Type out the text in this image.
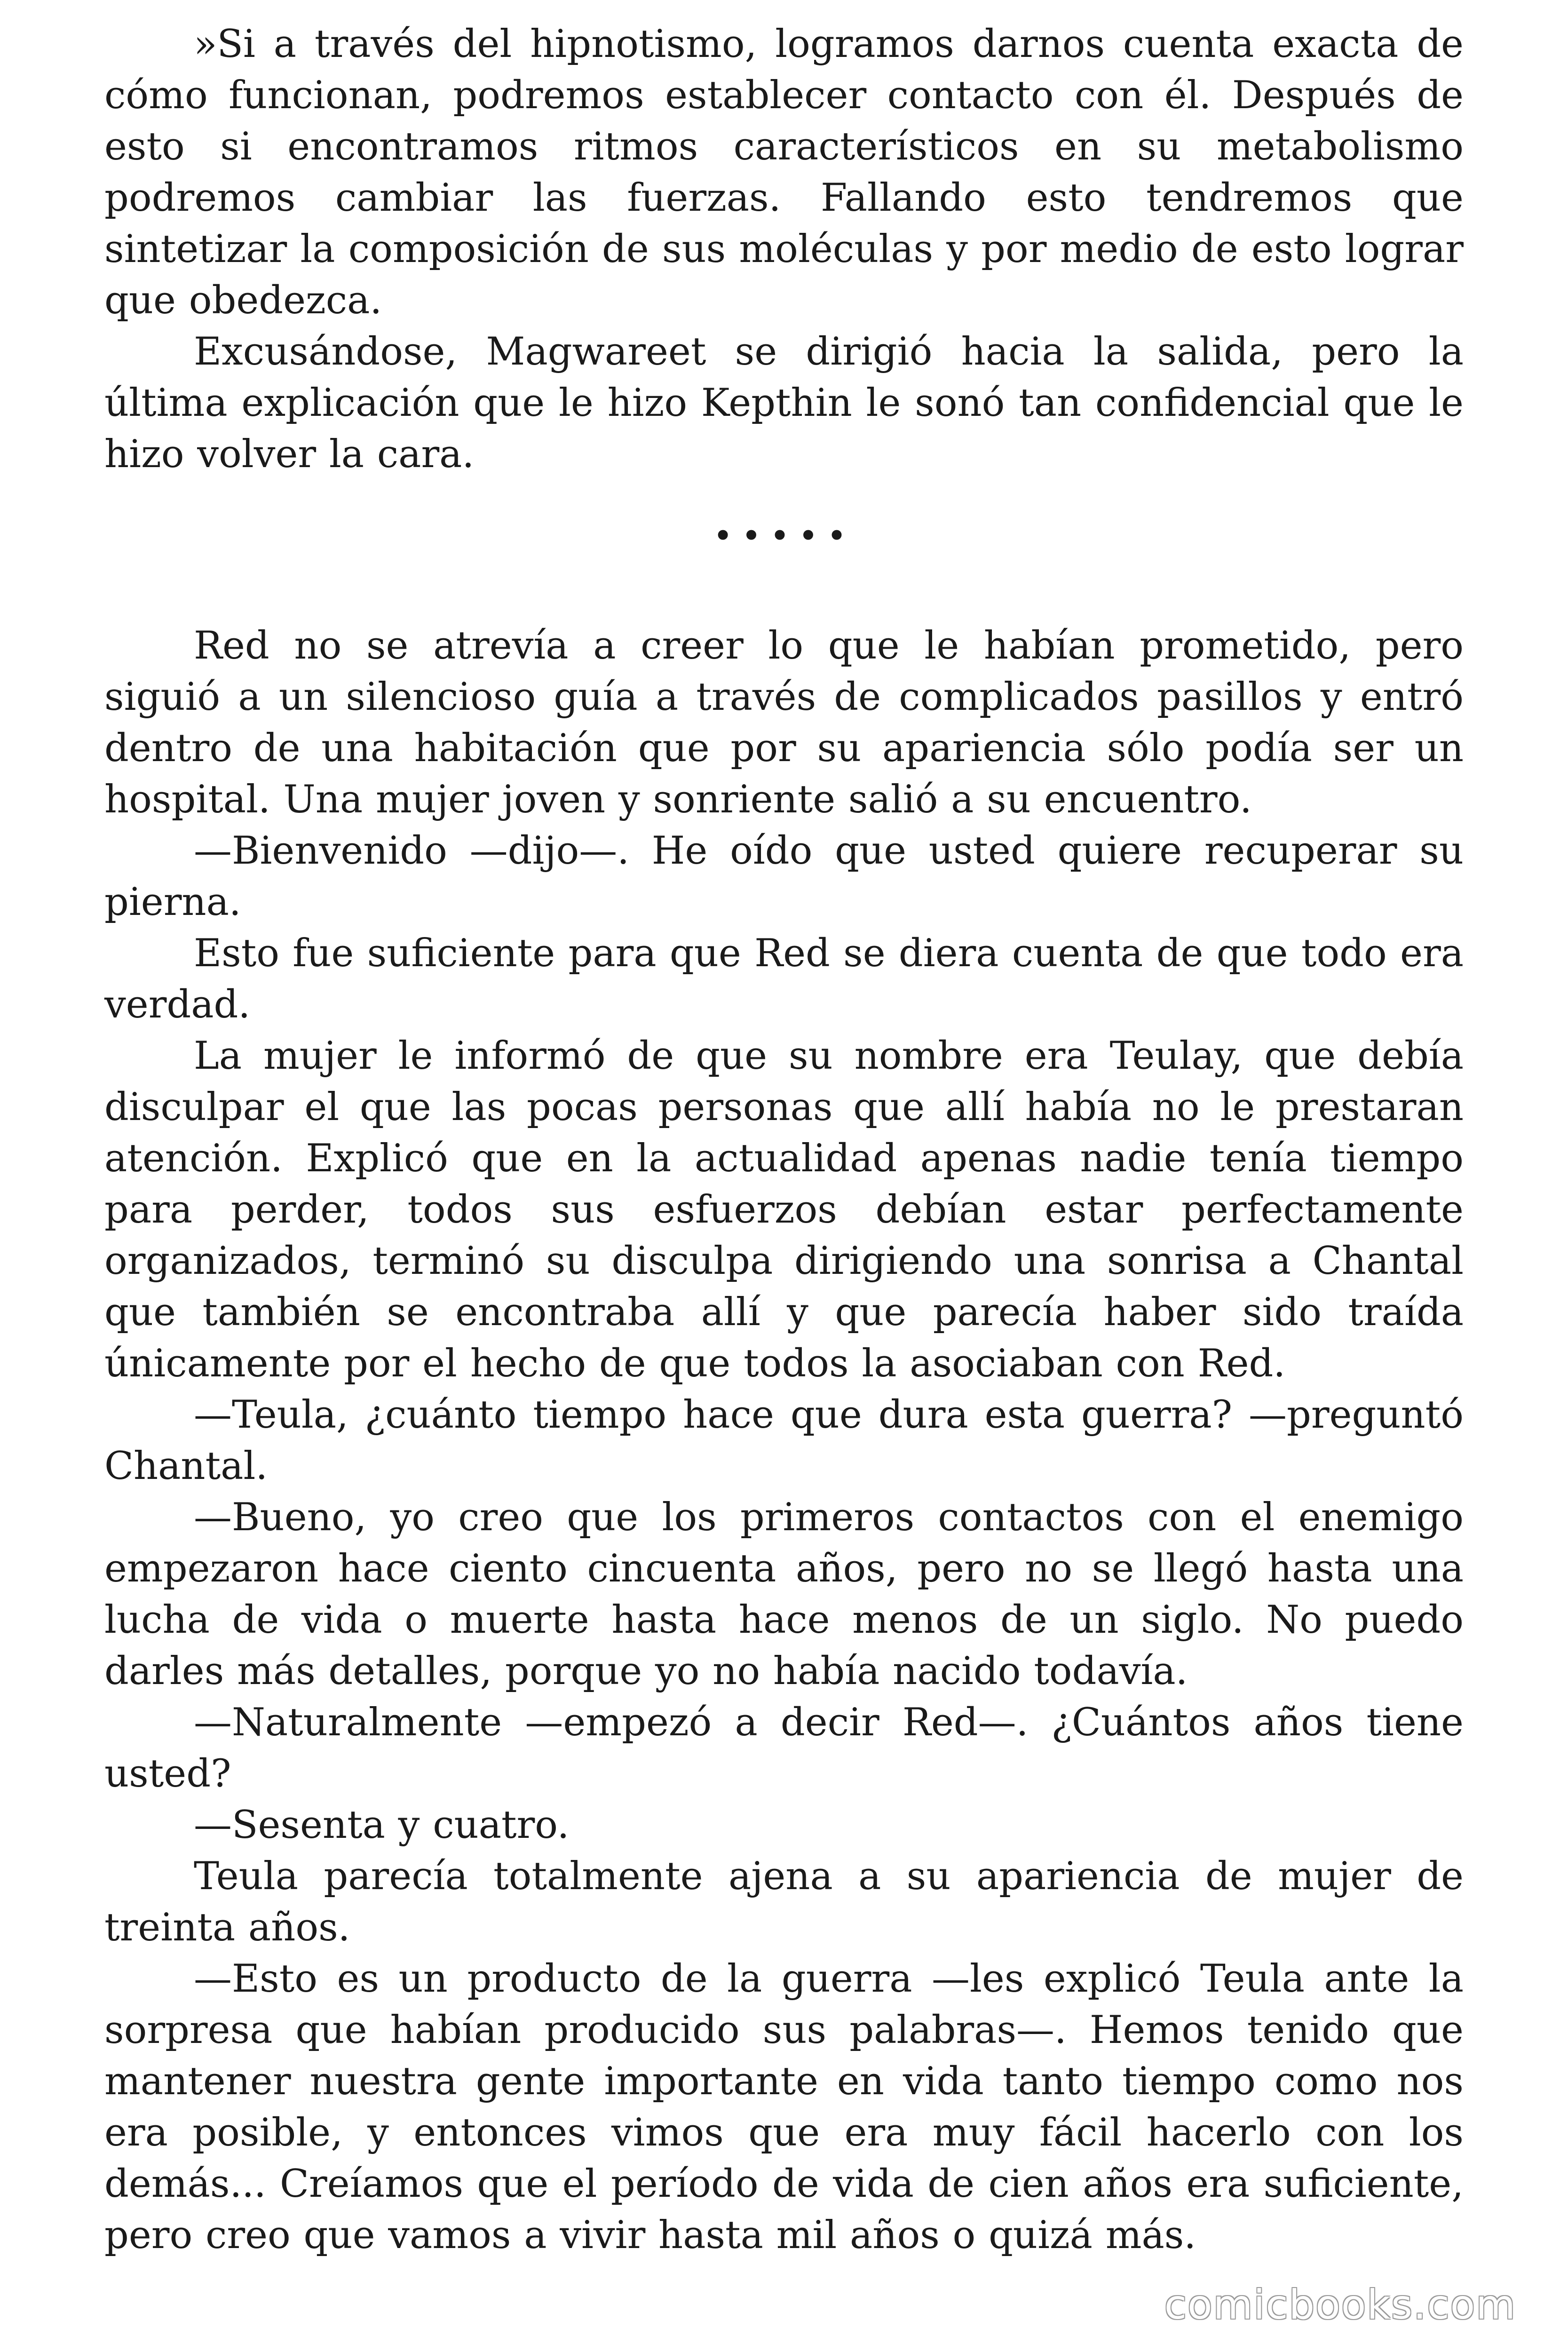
»Si a través del hipnotismo, logramos darnos cuenta exacta de cómo funcionan, podremos establecer contacto con él. Después de esto si encontramos ritmos característicos en su metabolismo podremos cambiar las fuerzas. Fallando esto tendremos que sintetizar la composición de sus moléculas y por medio de esto lograr que obedezca.

Excusándose, Magwareet se dirigió hacia la salida, pero la última explicación que le hizo Kepthin le sonó tan confidencial que le hizo volver la cara.

•••••

Red no se atrevía a creer lo que le habían prometido, pero siguió a un silencioso guía a través de complicados pasillos y entró dentro de una habitación que por su apariencia sólo podía ser un hospital. Una mujer joven y sonriente salió a su encuentro.

—Bienvenido —dijo—. He oído que usted quiere recuperar su pierna.

Esto fue suficiente para que Red se diera cuenta de que todo era verdad.

La mujer le informó de que su nombre era Teulay, que debía disculpar el que las pocas personas que allí había no le prestaran atención. Explicó que en la actualidad apenas nadie tenía tiempo para perder, todos sus esfuerzos debían estar perfectamente organizados, terminó su disculpa dirigiendo una sonrisa a Chantal que también se encontraba allí y que parecía haber sido traída únicamente por el hecho de que todos la asociaban con Red.

—Teula, ¿cuánto tiempo hace que dura esta guerra? —preguntó Chantal.

—Bueno, yo creo que los primeros contactos con el enemigo empezaron hace ciento cincuenta años, pero no se llegó hasta una lucha de vida o muerte hasta hace menos de un siglo. No puedo darles más detalles, porque yo no había nacido todavía.

—Naturalmente —empezó a decir Red—. ¿Cuántos años tiene usted?

—Sesenta y cuatro.

Teula parecía totalmente ajena a su apariencia de mujer de treinta años.

—Esto es un producto de la guerra —les explicó Teula ante la sorpresa que habían producido sus palabras—. Hemos tenido que mantener nuestra gente importante en vida tanto tiempo como nos era posible, y entonces vimos que era muy fácil hacerlo con los demás... Creíamos que el período de vida de cien años era suficiente, pero creo que vamos a vivir hasta mil años o quizá más.

comicbooks.com
